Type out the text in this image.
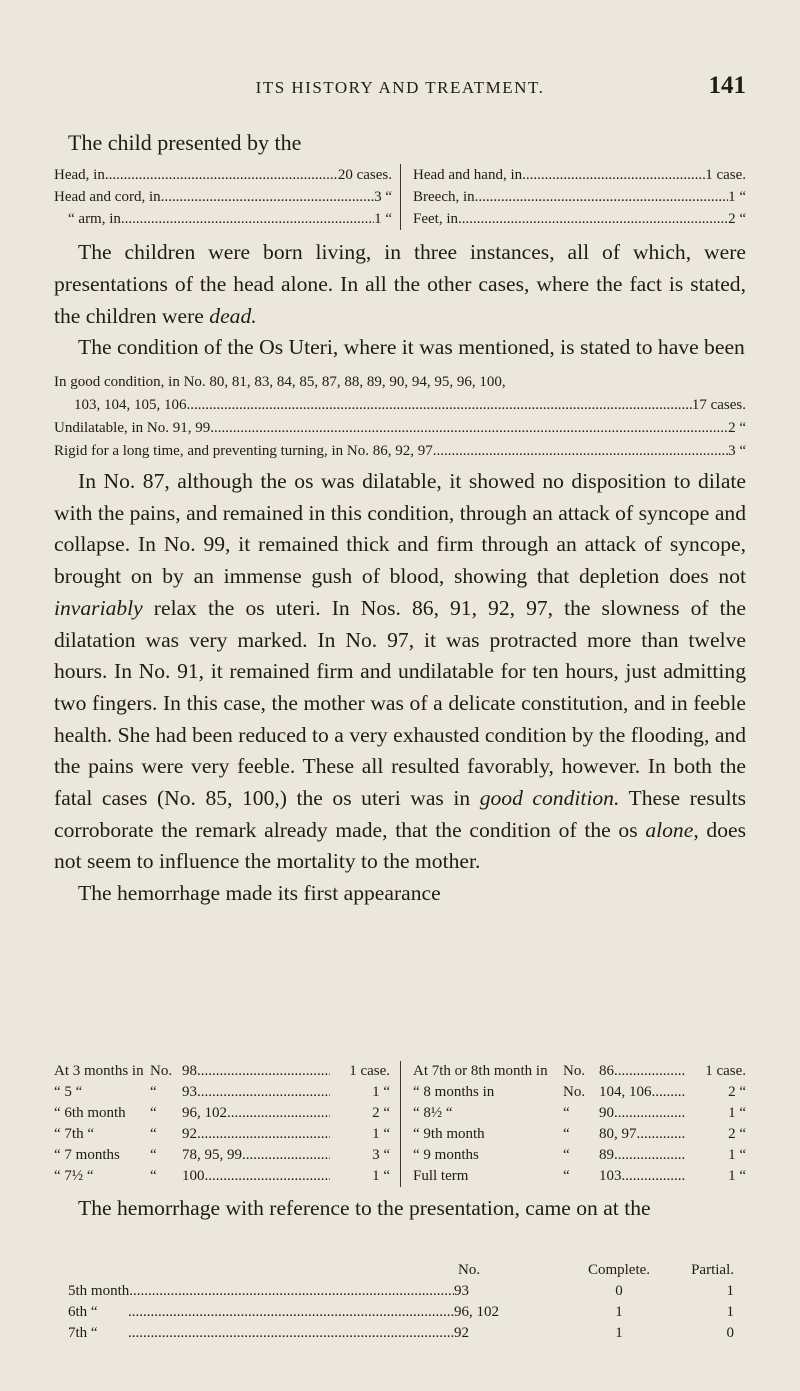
ITS HISTORY AND TREATMENT.	141
The child presented by the
Head, in .....	20 cases.
Head and cord, in .....	3 “
“ arm, in .....	1 “
Head and hand, in .....	1 case.
Breech, in .....	1 “
Feet, in .....	2 “

The children were born living, in three instances, all of which, were presentations of the head alone. In all the other cases, where the fact is stated, the children were dead.

The condition of the Os Uteri, where it was mentioned, is stated to have been

In good condition, in No. 80, 81, 83, 84, 85, 87, 88, 89, 90, 94, 95, 96, 100,
103, 104, 105, 106 .....	17 cases.
Undilatable, in No. 91, 99 .....	2 “
Rigid for a long time, and preventing turning, in No. 86, 92, 97 .....	3 “

In No. 87, although the os was dilatable, it showed no disposition to dilate with the pains, and remained in this condition, through an attack of syncope and collapse. In No. 99, it remained thick and firm through an attack of syncope, brought on by an immense gush of blood, showing that depletion does not invariably relax the os uteri. In Nos. 86, 91, 92, 97, the slowness of the dilatation was very marked. In No. 97, it was protracted more than twelve hours. In No. 91, it remained firm and undilatable for ten hours, just admitting two fingers. In this case, the mother was of a delicate constitution, and in feeble health. She had been reduced to a very exhausted condition by the flooding, and the pains were very feeble. These all resulted favorably, however. In both the fatal cases (No. 85, 100,) the os uteri was in good condition. These results corroborate the remark already made, that the condition of the os alone, does not seem to influence the mortality to the mother.

The hemorrhage made its first appearance

At 3 months in No. 98 .....	1 case.
“ 5 “	“	93 .....	1 “
“ 6th month	“	96, 102 .....	2 “
“ 7th “	“	92 .....	1 “
“ 7 months	“	78, 95, 99 .....	3 “
“ 7½ “	“	100 .....	1 “
At 7th or 8th month in	No. 86 .....	1 case.
“ 8 months in	No. 104, 106 .....	2 “
“ 8½ “	“	90 .....	1 “
“ 9th month	“	80, 97 .....	2 “
“ 9 months	“	89 .....	1 “
Full term	“	103 .....	1 “

The hemorrhage with reference to the presentation, came on at the

No.	Complete.	Partial.
5th month .....	93	0	1
6th “ .....	96, 102	1	1
7th “ .....	92	1	0
